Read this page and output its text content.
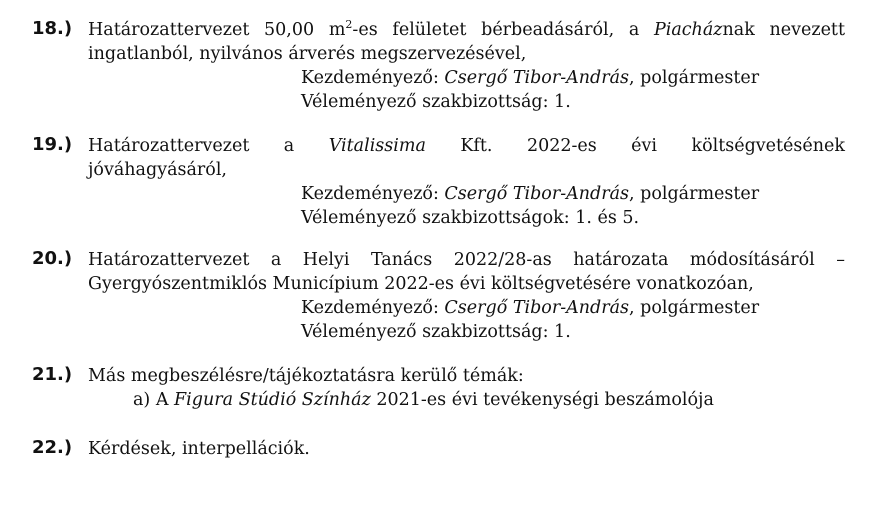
18.) Határozattervezet 50,00 $m^2-es$ felületet bérbeadásáról, a Piacháznak nevezett
ingatlanból, nyilvános árverés megszervezésével,
Kezdeményező: Csergő Tibor-András, polgármester
Véleményező szakbizottság: 1.
19.) Határozattervezet a Vitalissima Kft. 2022-es évi költségvetésének
jóváhagyásáról,
Kezdeményező: Csergő Tibor-András, polgármester
Véleményező szakbizottságok: 1. és 5.
20.) Határozattervezet a Helyi Tanács 2022/28-as határozata módosításáról –
Gyergyószentmiklós Municípium 2022-es évi költségvetésére vonatkozóan,
Kezdeményező: Csergő Tibor-András, polgármester
Véleményező szakbizottság: 1.
21.) Más megbeszélésre/tájékoztatásra kerülő témák:
a) A Figura Stúdió Színház 2021-es évi tevékenységi beszámolója
22.) Kérdések, interpellációk.
